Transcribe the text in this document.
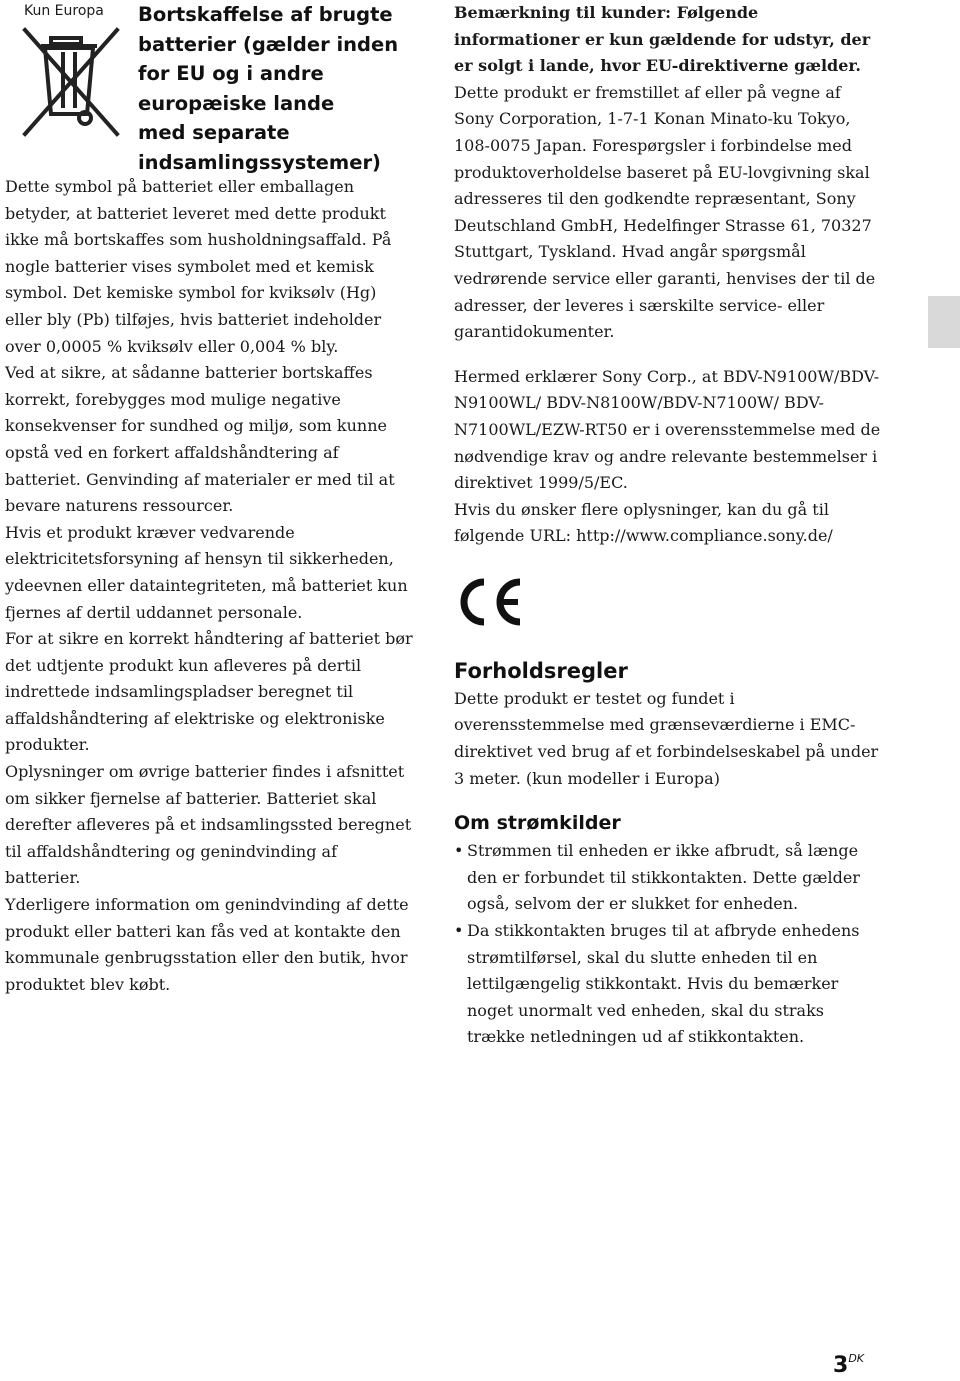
Kun Europa Bortskaffelse af brugte
batterier (gælder inden
for EU og i andre
europæiske lande
med separate
indsamlingssystemer)

Dette symbol på batteriet eller emballagen betyder, at batteriet leveret med dette produkt ikke må bortskaffes som husholdningsaffald. På nogle batterier vises symbolet med et kemisk symbol. Det kemiske symbol for kviksølv (Hg) eller bly (Pb) tilføjes, hvis batteriet indeholder over 0,0005 % kviksølv eller 0,004 % bly.

Ved at sikre, at sådanne batterier bortskaffes korrekt, forebygges mod mulige negative konsekvenser for sundhed og miljø, som kunne opstå ved en forkert affaldshåndtering af batteriet. Genvinding af materialer er med til at bevare naturens ressourcer.

Hvis et produkt kræver vedvarende elektricitetsforsyning af hensyn til sikkerheden, ydeevnen eller dataintegriteten, må batteriet kun fjernes af dertil uddannet personale.

For at sikre en korrekt håndtering af batteriet bør det udtjente produkt kun afleveres på dertil indrettede indsamlingspladser beregnet til affaldshåndtering af elektriske og elektroniske produkter.

Oplysninger om øvrige batterier findes i afsnittet om sikker fjernelse af batterier. Batteriet skal derefter afleveres på et indsamlingssted beregnet til affaldshåndtering og genindvinding af batterier.

Yderligere information om genindvinding af dette produkt eller batteri kan fås ved at kontakte den kommunale genbrugsstation eller den butik, hvor produktet blev købt.

Bemærkning til kunder: Følgende informationer er kun gældende for udstyr, der er solgt i lande, hvor EU-direktiverne gælder.

Dette produkt er fremstillet af eller på vegne af Sony Corporation, 1-7-1 Konan Minato-ku Tokyo, 108-0075 Japan. Forespørgsler i forbindelse med produktoverholdelse baseret på EU-lovgivning skal adresseres til den godkendte repræsentant, Sony Deutschland GmbH, Hedelfinger Strasse 61, 70327 Stuttgart, Tyskland. Hvad angår spørgsmål vedrørende service eller garanti, henvises der til de adresser, der leveres i særskilte service- eller garantidokumenter.

Hermed erklærer Sony Corp., at BDV-N9100W/BDV-N9100WL/ BDV-N8100W/BDV-N7100W/ BDV-N7100WL/EZW-RT50 er i overensstemmelse med de nødvendige krav og andre relevante bestemmelser i direktivet 1999/5/EC.

Hvis du ønsker flere oplysninger, kan du gå til følgende URL: http://www.compliance.sony.de/

Forholdsregler

Dette produkt er testet og fundet i overensstemmelse med grænseværdierne i EMC-direktivet ved brug af et forbindelseskabel på under 3 meter. (kun modeller i Europa)

Om strømkilder
• Strømmen til enheden er ikke afbrudt, så længe den er forbundet til stikkontakten. Dette gælder også, selvom der er slukket for enheden.
• Da stikkontakten bruges til at afbryde enhedens strømtilførsel, skal du slutte enheden til en lettilgængelig stikkontakt. Hvis du bemærker noget unormalt ved enheden, skal du straks trække netledningen ud af stikkontakten.
$3^{DK}$
